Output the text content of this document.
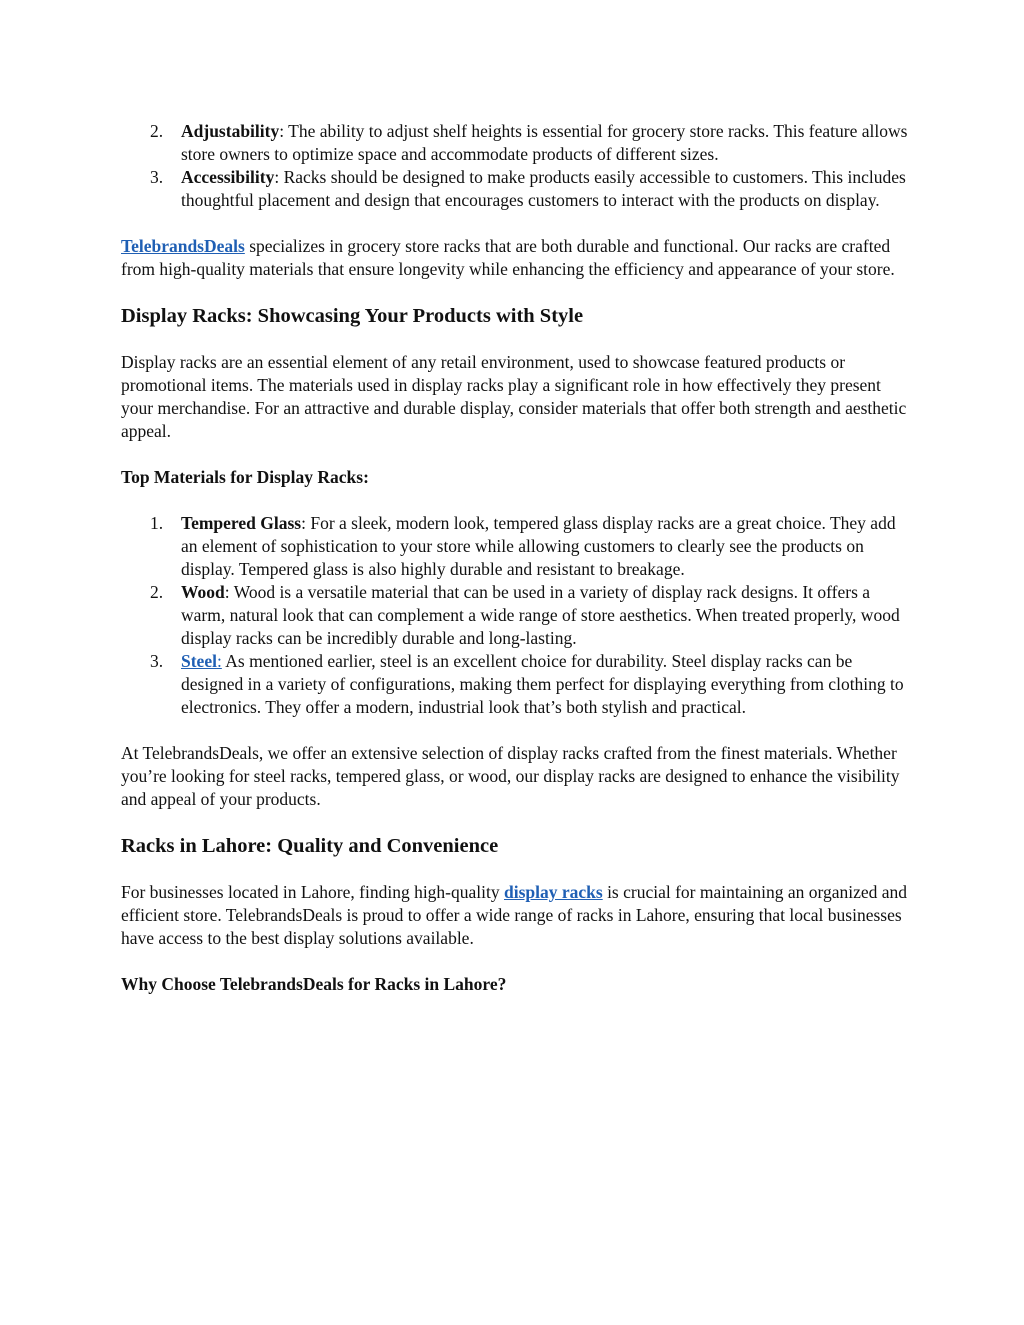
2. Adjustability: The ability to adjust shelf heights is essential for grocery store racks. This feature allows store owners to optimize space and accommodate products of different sizes.
3. Accessibility: Racks should be designed to make products easily accessible to customers. This includes thoughtful placement and design that encourages customers to interact with the products on display.

TelebrandsDeals specializes in grocery store racks that are both durable and functional. Our racks are crafted from high-quality materials that ensure longevity while enhancing the efficiency and appearance of your store.

Display Racks: Showcasing Your Products with Style

Display racks are an essential element of any retail environment, used to showcase featured products or promotional items. The materials used in display racks play a significant role in how effectively they present your merchandise. For an attractive and durable display, consider materials that offer both strength and aesthetic appeal.

Top Materials for Display Racks:
1. Tempered Glass: For a sleek, modern look, tempered glass display racks are a great choice. They add an element of sophistication to your store while allowing customers to clearly see the products on display. Tempered glass is also highly durable and resistant to breakage.
2. Wood: Wood is a versatile material that can be used in a variety of display rack designs. It offers a warm, natural look that can complement a wide range of store aesthetics. When treated properly, wood display racks can be incredibly durable and long-lasting.
3. Steel: As mentioned earlier, steel is an excellent choice for durability. Steel display racks can be designed in a variety of configurations, making them perfect for displaying everything from clothing to electronics. They offer a modern, industrial look that’s both stylish and practical.

At TelebrandsDeals, we offer an extensive selection of display racks crafted from the finest materials. Whether you’re looking for steel racks, tempered glass, or wood, our display racks are designed to enhance the visibility and appeal of your products.

Racks in Lahore: Quality and Convenience

For businesses located in Lahore, finding high-quality display racks is crucial for maintaining an organized and efficient store. TelebrandsDeals is proud to offer a wide range of racks in Lahore, ensuring that local businesses have access to the best display solutions available.

Why Choose TelebrandsDeals for Racks in Lahore?
